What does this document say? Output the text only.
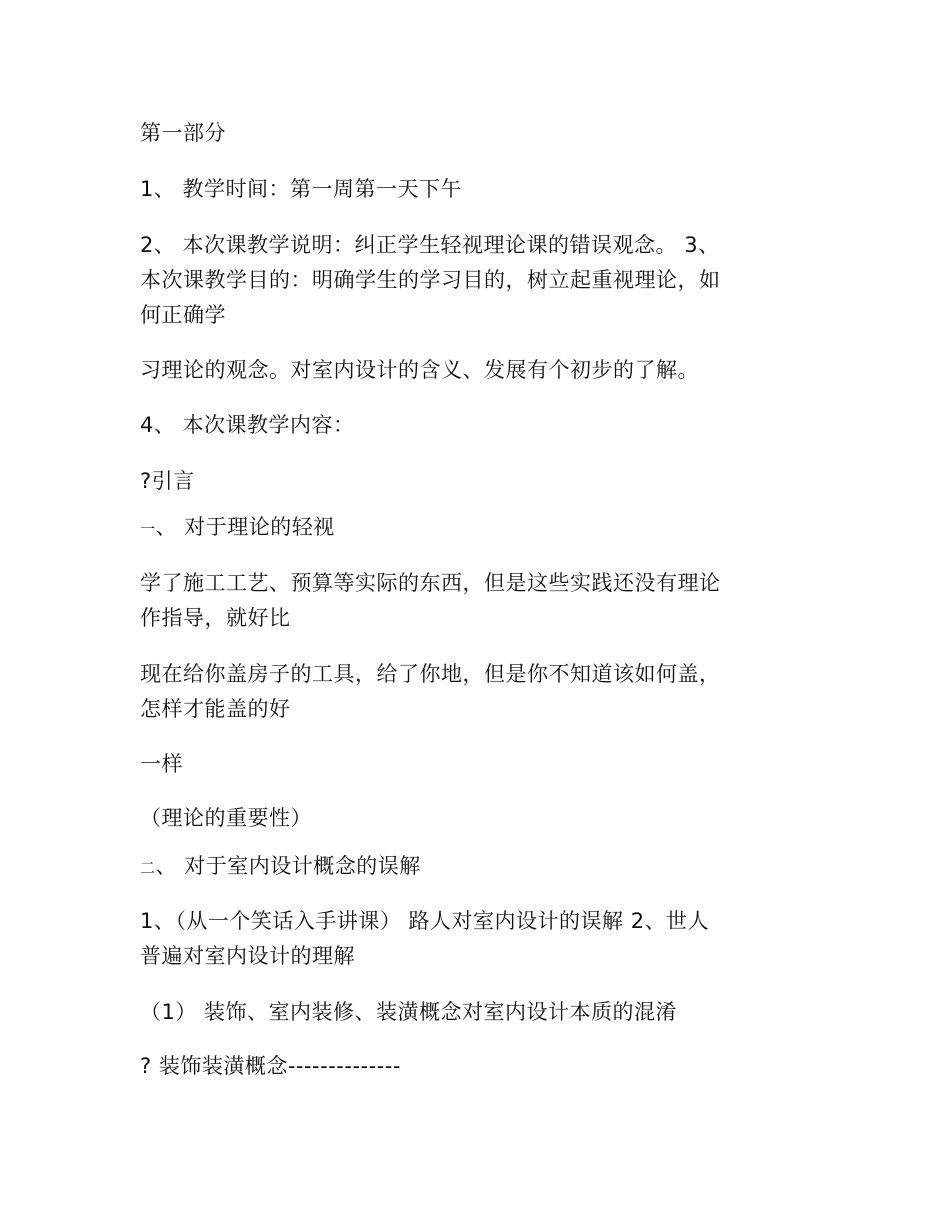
第一部分
1、 教学时间：第一周第一天下午
2、 本次课教学说明：纠正学生轻视理论课的错误观念。 3、
本次课教学目的：明确学生的学习目的，树立起重视理论，如
何正确学
习理论的观念。对室内设计的含义、发展有个初步的了解。
4、 本次课教学内容：
?引言
一、 对于理论的轻视
学了施工工艺、预算等实际的东西，但是这些实践还没有理论
作指导，就好比
现在给你盖房子的工具，给了你地，但是你不知道该如何盖，
怎样才能盖的好
一样
（理论的重要性）
二、 对于室内设计概念的误解
1、（从一个笑话入手讲课） 路人对室内设计的误解 2、世人
普遍对室内设计的理解
（1） 装饰、室内装修、装潢概念对室内设计本质的混淆
? 装饰装潢概念--------------
